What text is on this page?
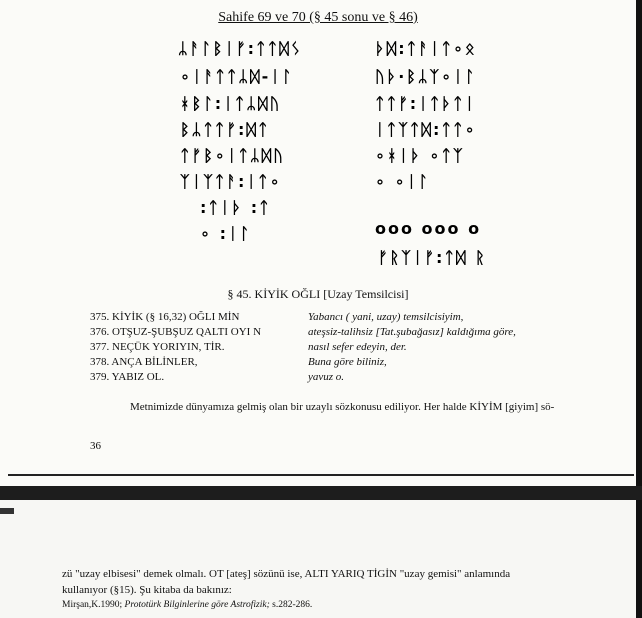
Sahife 69 ve 70 (§ 45 sonu ve § 46)
ᛦᚨᛚᛒᛁᚠ:ᛏᛏᛞᛊ
∘ᛁᚨᛏᛏᛦᛞ-ᛁᛚ
ᚼᛒᛚ:ᛁᛏᛦᛞᚢ
ᛒᛦᛏᛏᚠ:ᛞᛏ
ᛏᚠᛒ∘ᛁᛏᛦᛞᚢ
ᛉᛁᛉᛏᚨ:ᛁᛏ∘
:ᛏᛁᚦ :ᛏ
∘ :ᛁᛚ
ᚦᛞ:ᛏᚨᛁᛏ∘ᛟ
ᚢᚦ·ᛒᛦᛉ∘ᛁᛚ
ᛏᛏᚠ:ᛁᛏᚦᛏᛁ
ᛁᛏᛉᛏᛞ:ᛏᛏ∘
∘ᚼᛁᚦ ∘ᛏᛉ
∘ ∘ᛁᛚ
ooo ooo o
ᚠᚱᛉᛁᚠ:ᛏᛞ ᚱ
§ 45. KİYİK OĞLI [Uzay Temsilcisi]
375. KİYİK (§ 16,32) OĞLI MİN	Yabancı ( yani, uzay) temsilcisiyim,
376. OTŞUZ-ŞUBŞUZ QALTI OYI N	ateşsiz-talihsiz [Tat.şubağasız] kaldığıma göre,
377. NEÇÜK YORIYIN, TİR.	nasıl sefer edeyin, der.
378. ANÇA BİLİNLER,	Buna göre biliniz,
379. YABIZ OL.	yavuz o.
Metnimizde dünyamıza gelmiş olan bir uzaylı sözkonusu ediliyor. Her halde KİYİM [giyim] sö-
36
zü "uzay elbisesi" demek olmalı. OT [ateş] sözünü ise, ALTI YARIQ TİGİN "uzay gemisi" anlamında
kullanıyor (§15). Şu kitaba da bakınız:
Mirşan,K.1990; Prototürk Bilginlerine göre Astrofizik; s.282-286.
